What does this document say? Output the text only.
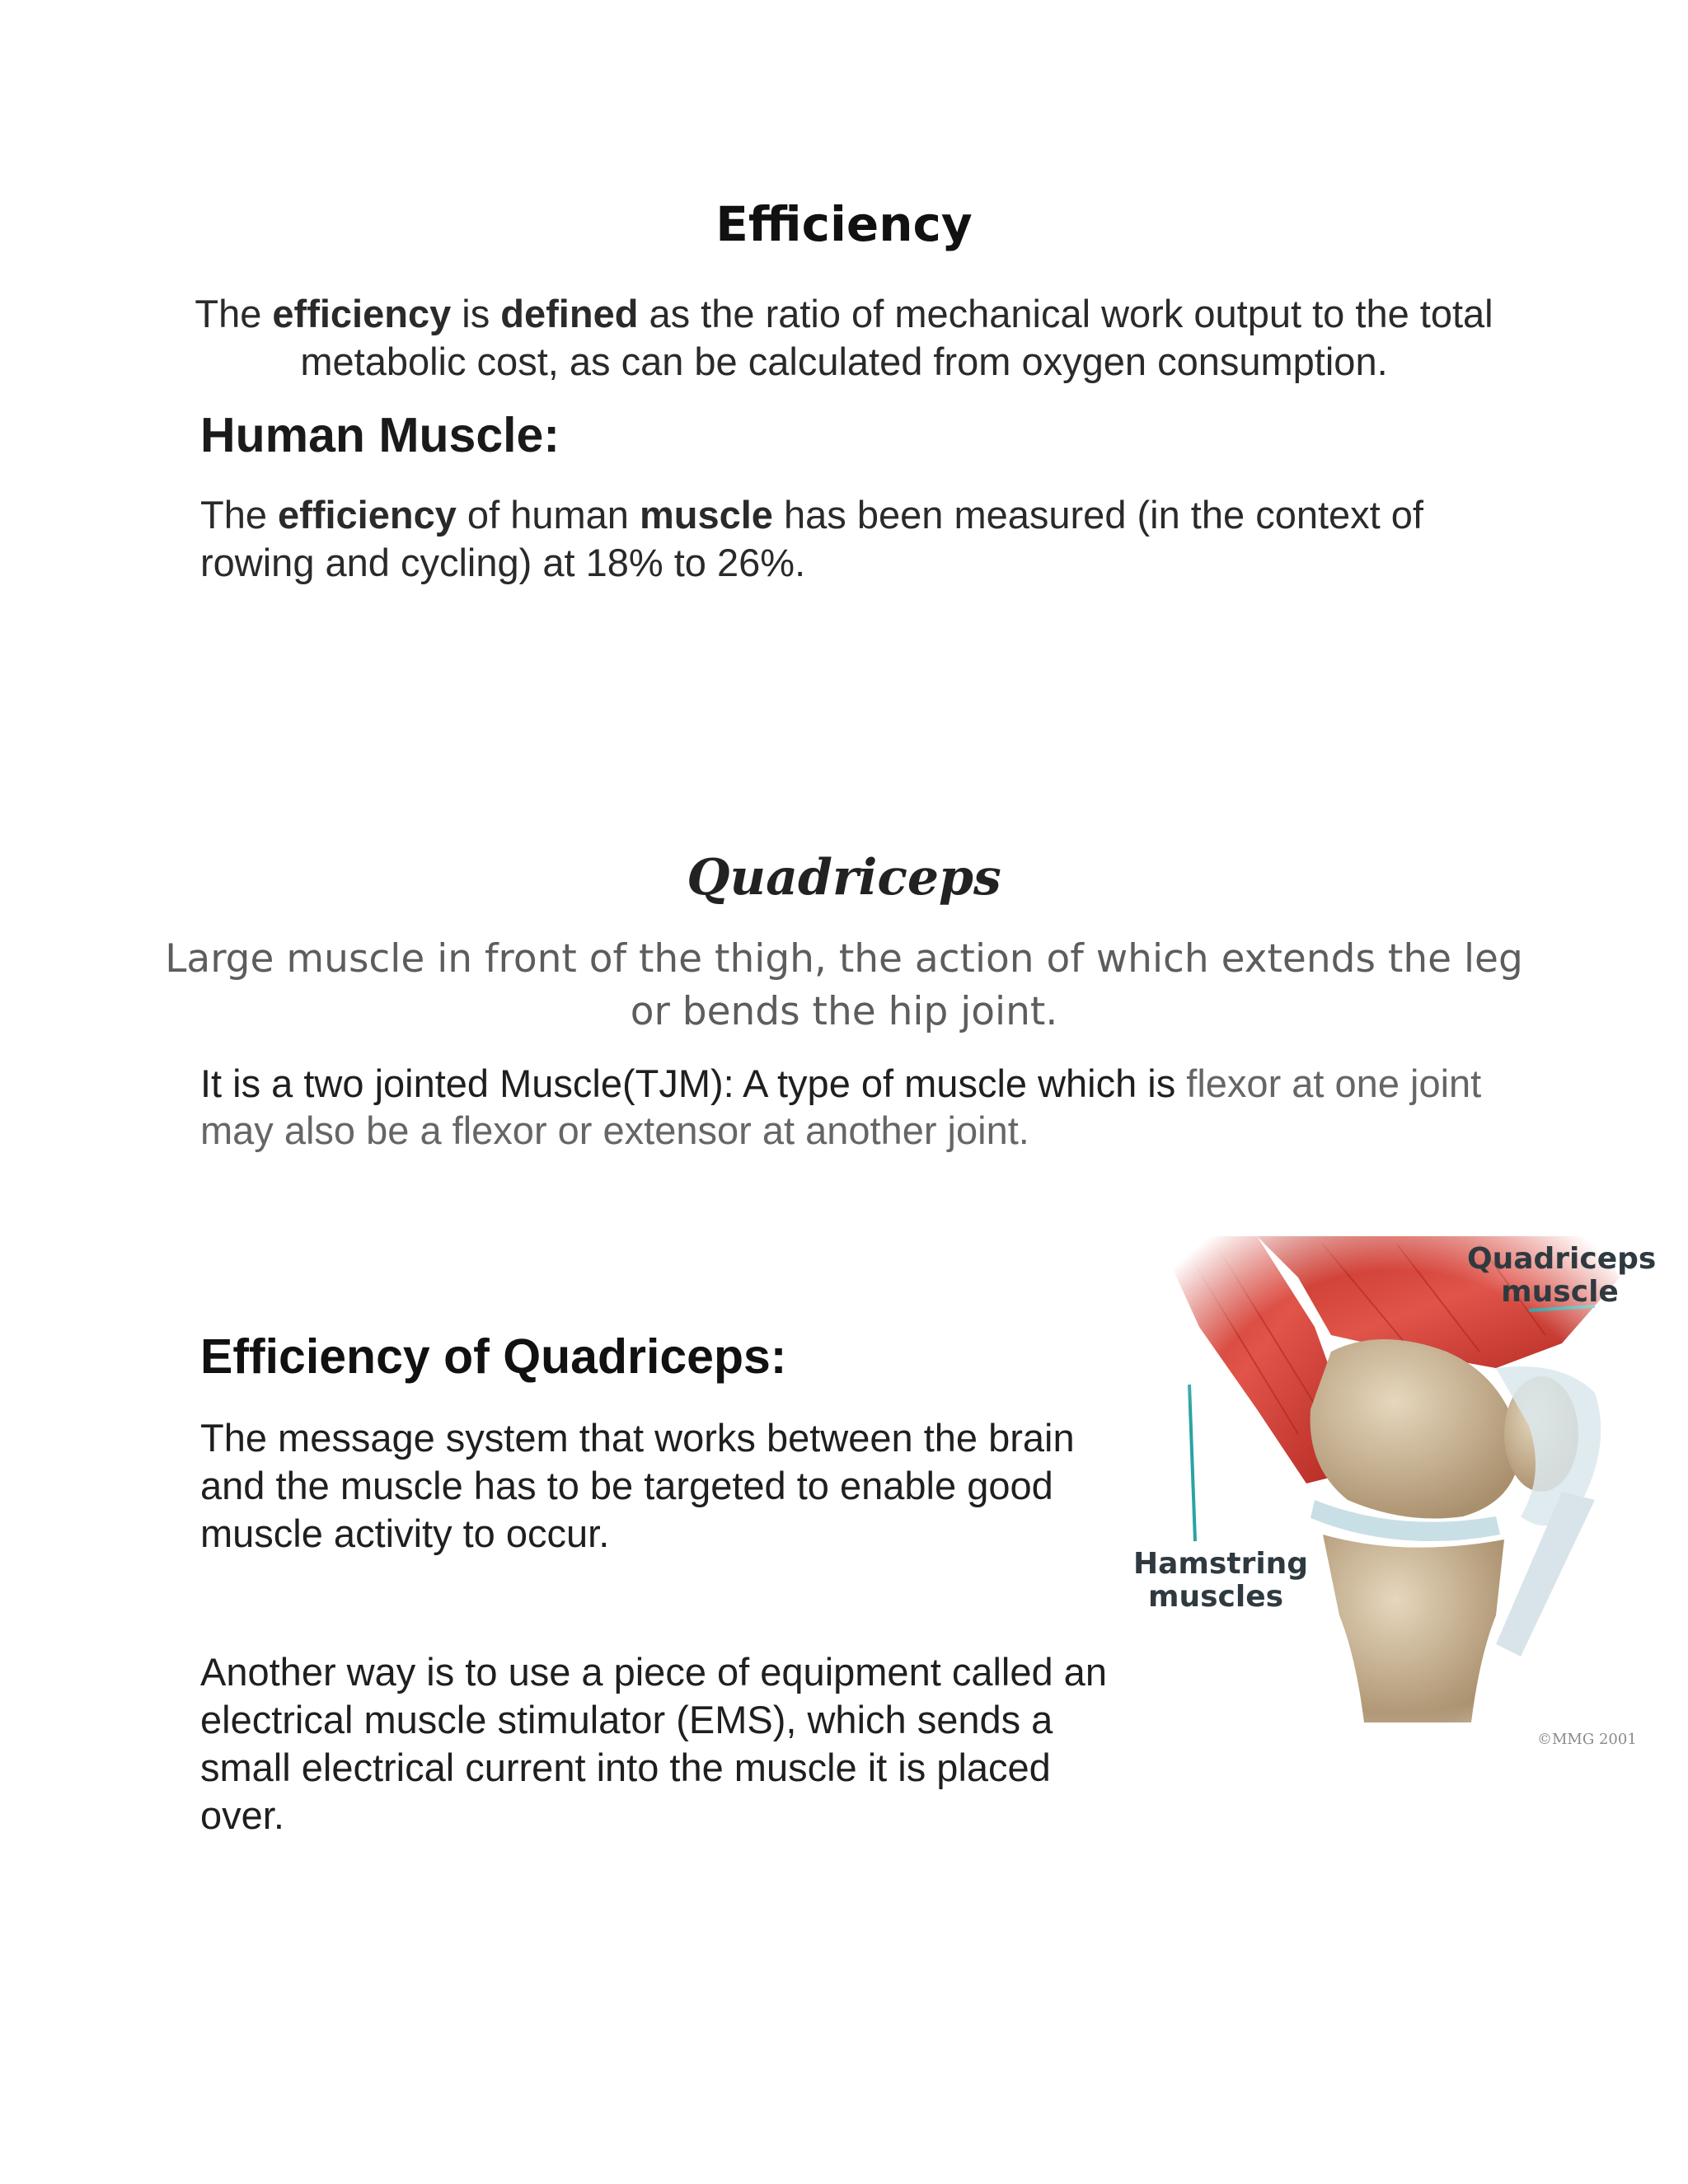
Efficiency
The efficiency is defined as the ratio of mechanical work output to the total metabolic cost, as can be calculated from oxygen consumption.
Human Muscle:
The efficiency of human muscle has been measured (in the context of rowing and cycling) at 18% to 26%.
Quadriceps
Large muscle in front of the thigh, the action of which extends the leg or bends the hip joint.
It is a two jointed Muscle(TJM): A type of muscle which is flexor at one joint may also be a flexor or extensor at another joint.
Efficiency of Quadriceps:
The message system that works between the brain and the muscle has to be targeted to enable good muscle activity to occur.
Another way is to use a piece of equipment called an electrical muscle stimulator (EMS), which sends a small electrical current into the muscle it is placed over.
Quadriceps
muscle
Hamstring
muscles
©MMG 2001
